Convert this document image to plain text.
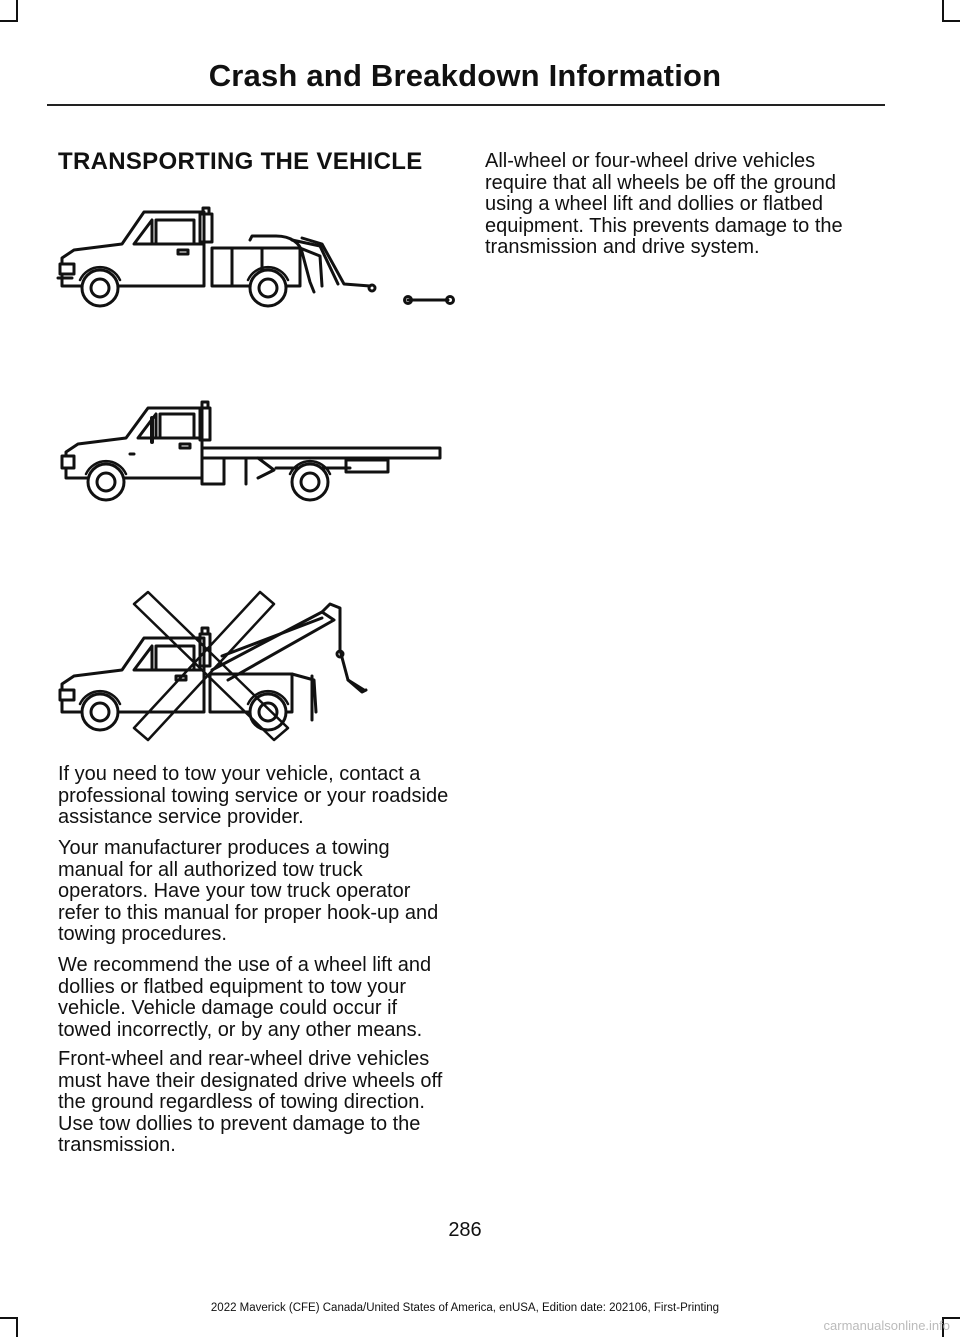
Crash and Breakdown Information
TRANSPORTING THE VEHICLE

If you need to tow your vehicle, contact a professional towing service or your roadside assistance service provider.

Your manufacturer produces a towing manual for all authorized tow truck operators. Have your tow truck operator refer to this manual for proper hook-up and towing procedures.

We recommend the use of a wheel lift and dollies or flatbed equipment to tow your vehicle. Vehicle damage could occur if towed incorrectly, or by any other means.

Front-wheel and rear-wheel drive vehicles must have their designated drive wheels off the ground regardless of towing direction. Use tow dollies to prevent damage to the transmission.

All-wheel or four-wheel drive vehicles require that all wheels be off the ground using a wheel lift and dollies or flatbed equipment. This prevents damage to the transmission and drive system.

286
2022 Maverick (CFE) Canada/United States of America, enUSA, Edition date: 202106, First-Printing
carmanualsonline.info
